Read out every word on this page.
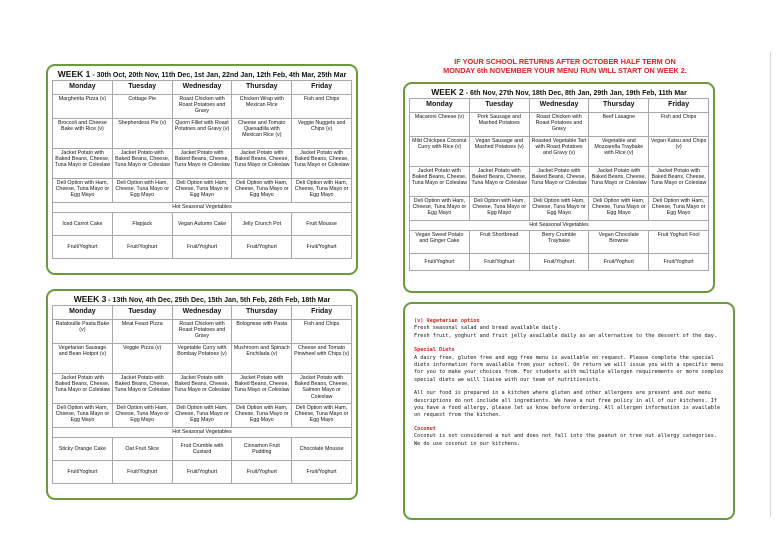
WEEK 1 - 30th Oct, 20th Nov, 11th Dec, 1st Jan, 22nd Jan, 12th Feb, 4th Mar, 25th Mar
Monday	Tuesday	Wednesday	Thursday	Friday
Margherita Pizza (v)	Cottage Pie	Roast Chicken with Roast Potatoes and Gravy	Chicken Wrap with Mexican Rice	Fish and Chips
Broccoli and Cheese Bake with Rice (v)	Shepherdess Pie (v)	Quorn Fillet with Roast Potatoes and Gravy (v)	Cheese and Tomato Quesadilla with Mexican Rice (v)	Veggie Nuggets and Chips (v)
Jacket Potato with Baked Beans, Cheese, Tuna Mayo or Coleslaw	Jacket Potato with Baked Beans, Cheese, Tuna Mayo or Coleslaw	Jacket Potato with Baked Beans, Cheese, Tuna Mayo or Coleslaw	Jacket Potato with Baked Beans, Cheese, Tuna Mayo or Coleslaw	Jacket Potato with Baked Beans, Cheese, Tuna Mayo or Coleslaw
Deli Option with Ham, Cheese, Tuna Mayo or Egg Mayo	Deli Option with Ham, Cheese, Tuna Mayo or Egg Mayo	Deli Option with Ham, Cheese, Tuna Mayo or Egg Mayo	Deli Option with Ham, Cheese, Tuna Mayo or Egg Mayo	Deli Option with Ham, Cheese, Tuna Mayo or Egg Mayo
Hot Seasonal Vegetables				
Iced Carrot Cake	Flapjack	Vegan Autumn Cake	Jelly Crunch Pot	Fruit Mousse
Fruit/Yoghurt	Fruit/Yoghurt	Fruit/Yoghurt	Fruit/Yoghurt	Fruit/Yoghurt
WEEK 3 - 13th Nov, 4th Dec, 25th Dec, 15th Jan, 5th Feb, 26th Feb, 18th Mar
Monday	Tuesday	Wednesday	Thursday	Friday
Ratatouille Pasta Bake (v)	Meat Feast Pizza	Roast Chicken with Roast Potatoes and Gravy	Bolognese with Pasta	Fish and Chips
Vegetarian Sausage and Bean Hotpot (v)	Veggie Pizza (v)	Vegetable Curry with Bombay Potatoes (v)	Mushroom and Spinach Enchilada (v)	Cheese and Tomato Pinwheel with Chips (v)
Jacket Potato with Baked Beans, Cheese, Tuna Mayo or Coleslaw	Jacket Potato with Baked Beans, Cheese, Tuna Mayo or Coleslaw	Jacket Potato with Baked Beans, Cheese, Tuna Mayo or Coleslaw	Jacket Potato with Baked Beans, Cheese, Tuna Mayo or Coleslaw	Jacket Potato with Baked Beans, Cheese, Salmon Mayo or Coleslaw
Deli Option with Ham, Cheese, Tuna Mayo or Egg Mayo	Deli Option with Ham, Cheese, Tuna Mayo or Egg Mayo	Deli Option with Ham, Cheese, Tuna Mayo or Egg Mayo	Deli Option with Ham, Cheese, Tuna Mayo or Egg Mayo	Deli Option with Ham, Cheese, Tuna Mayo or Egg Mayo
Hot Seasonal Vegetables				
Sticky Orange Cake	Oat Fruit Slice	Fruit Crumble with Custard	Cinnamon Fruit Pudding	Chocolate Mousse
Fruit/Yoghurt	Fruit/Yoghurt	Fruit/Yoghurt	Fruit/Yoghurt	Fruit/Yoghurt
IF YOUR SCHOOL RETURNS AFTER OCTOBER HALF TERM ON
MONDAY 6th NOVEMBER YOUR MENU RUN WILL START ON WEEK 2.
WEEK 2 - 6th Nov, 27th Nov, 18th Dec, 8th Jan, 29th Jan, 19th Feb, 11th Mar
Monday	Tuesday	Wednesday	Thursday	Friday
Macaroni Cheese (v)	Pork Sausage and Mashed Potatoes	Roast Chicken with Roast Potatoes and Gravy	Beef Lasagne	Fish and Chips
Mild Chickpea Coconut Curry with Rice (v)	Vegan Sausage and Mashed Potatoes (v)	Roasted Vegetable Tart with Roast Potatoes and Gravy (v)	Vegetable and Mozzarella Traybake with Rice (v)	Vegan Katsu and Chips (v)
Jacket Potato with Baked Beans, Cheese, Tuna Mayo or Coleslaw	Jacket Potato with Baked Beans, Cheese, Tuna Mayo or Coleslaw	Jacket Potato with Baked Beans, Cheese, Tuna Mayo or Coleslaw	Jacket Potato with Baked Beans, Cheese, Tuna Mayo or Coleslaw	Jacket Potato with Baked Beans, Cheese, Tuna Mayo or Coleslaw
Deli Option with Ham, Cheese, Tuna Mayo or Egg Mayo	Deli Option with Ham, Cheese, Tuna Mayo or Egg Mayo	Deli Option with Ham, Cheese, Tuna Mayo or Egg Mayo	Deli Option with Ham, Cheese, Tuna Mayo or Egg Mayo	Deli Option with Ham, Cheese, Tuna Mayo or Egg Mayo
Hot Seasonal Vegetables				
Vegan Sweet Potato and Ginger Cake	Fruit Shortbread	Berry Crumble Traybake	Vegan Chocolate Brownie	Fruit Yoghurt Fool
Fruit/Yoghurt	Fruit/Yoghurt	Fruit/Yoghurt	Fruit/Yoghurt	Fruit/Yoghurt
(v) Vegetarian option
Fresh seasonal salad and bread available daily.
Fresh fruit, yoghurt and fruit jelly available daily as an alternative to the dessert of the day.
Special Diets

A dairy free, gluten free and egg free menu is available on request. Please complete the special diets information form available from your school. On return we will issue you with a specific menu for you to make your choices from. For students with multiple allergen requirements or more complex special diets we will liaise with our team of nutritionists.

All our food is prepared in a kitchen where gluten and other allergens are present and our menu descriptions do not include all ingredients. We have a nut free policy in all of our kitchens. If you have a food allergy, please let us know before ordering. All allergen information is available on request from the kitchen.

Coconut
Coconut is not considered a nut and does not fall into the peanut or tree nut allergy categories. We do use coconut in our kitchens.
